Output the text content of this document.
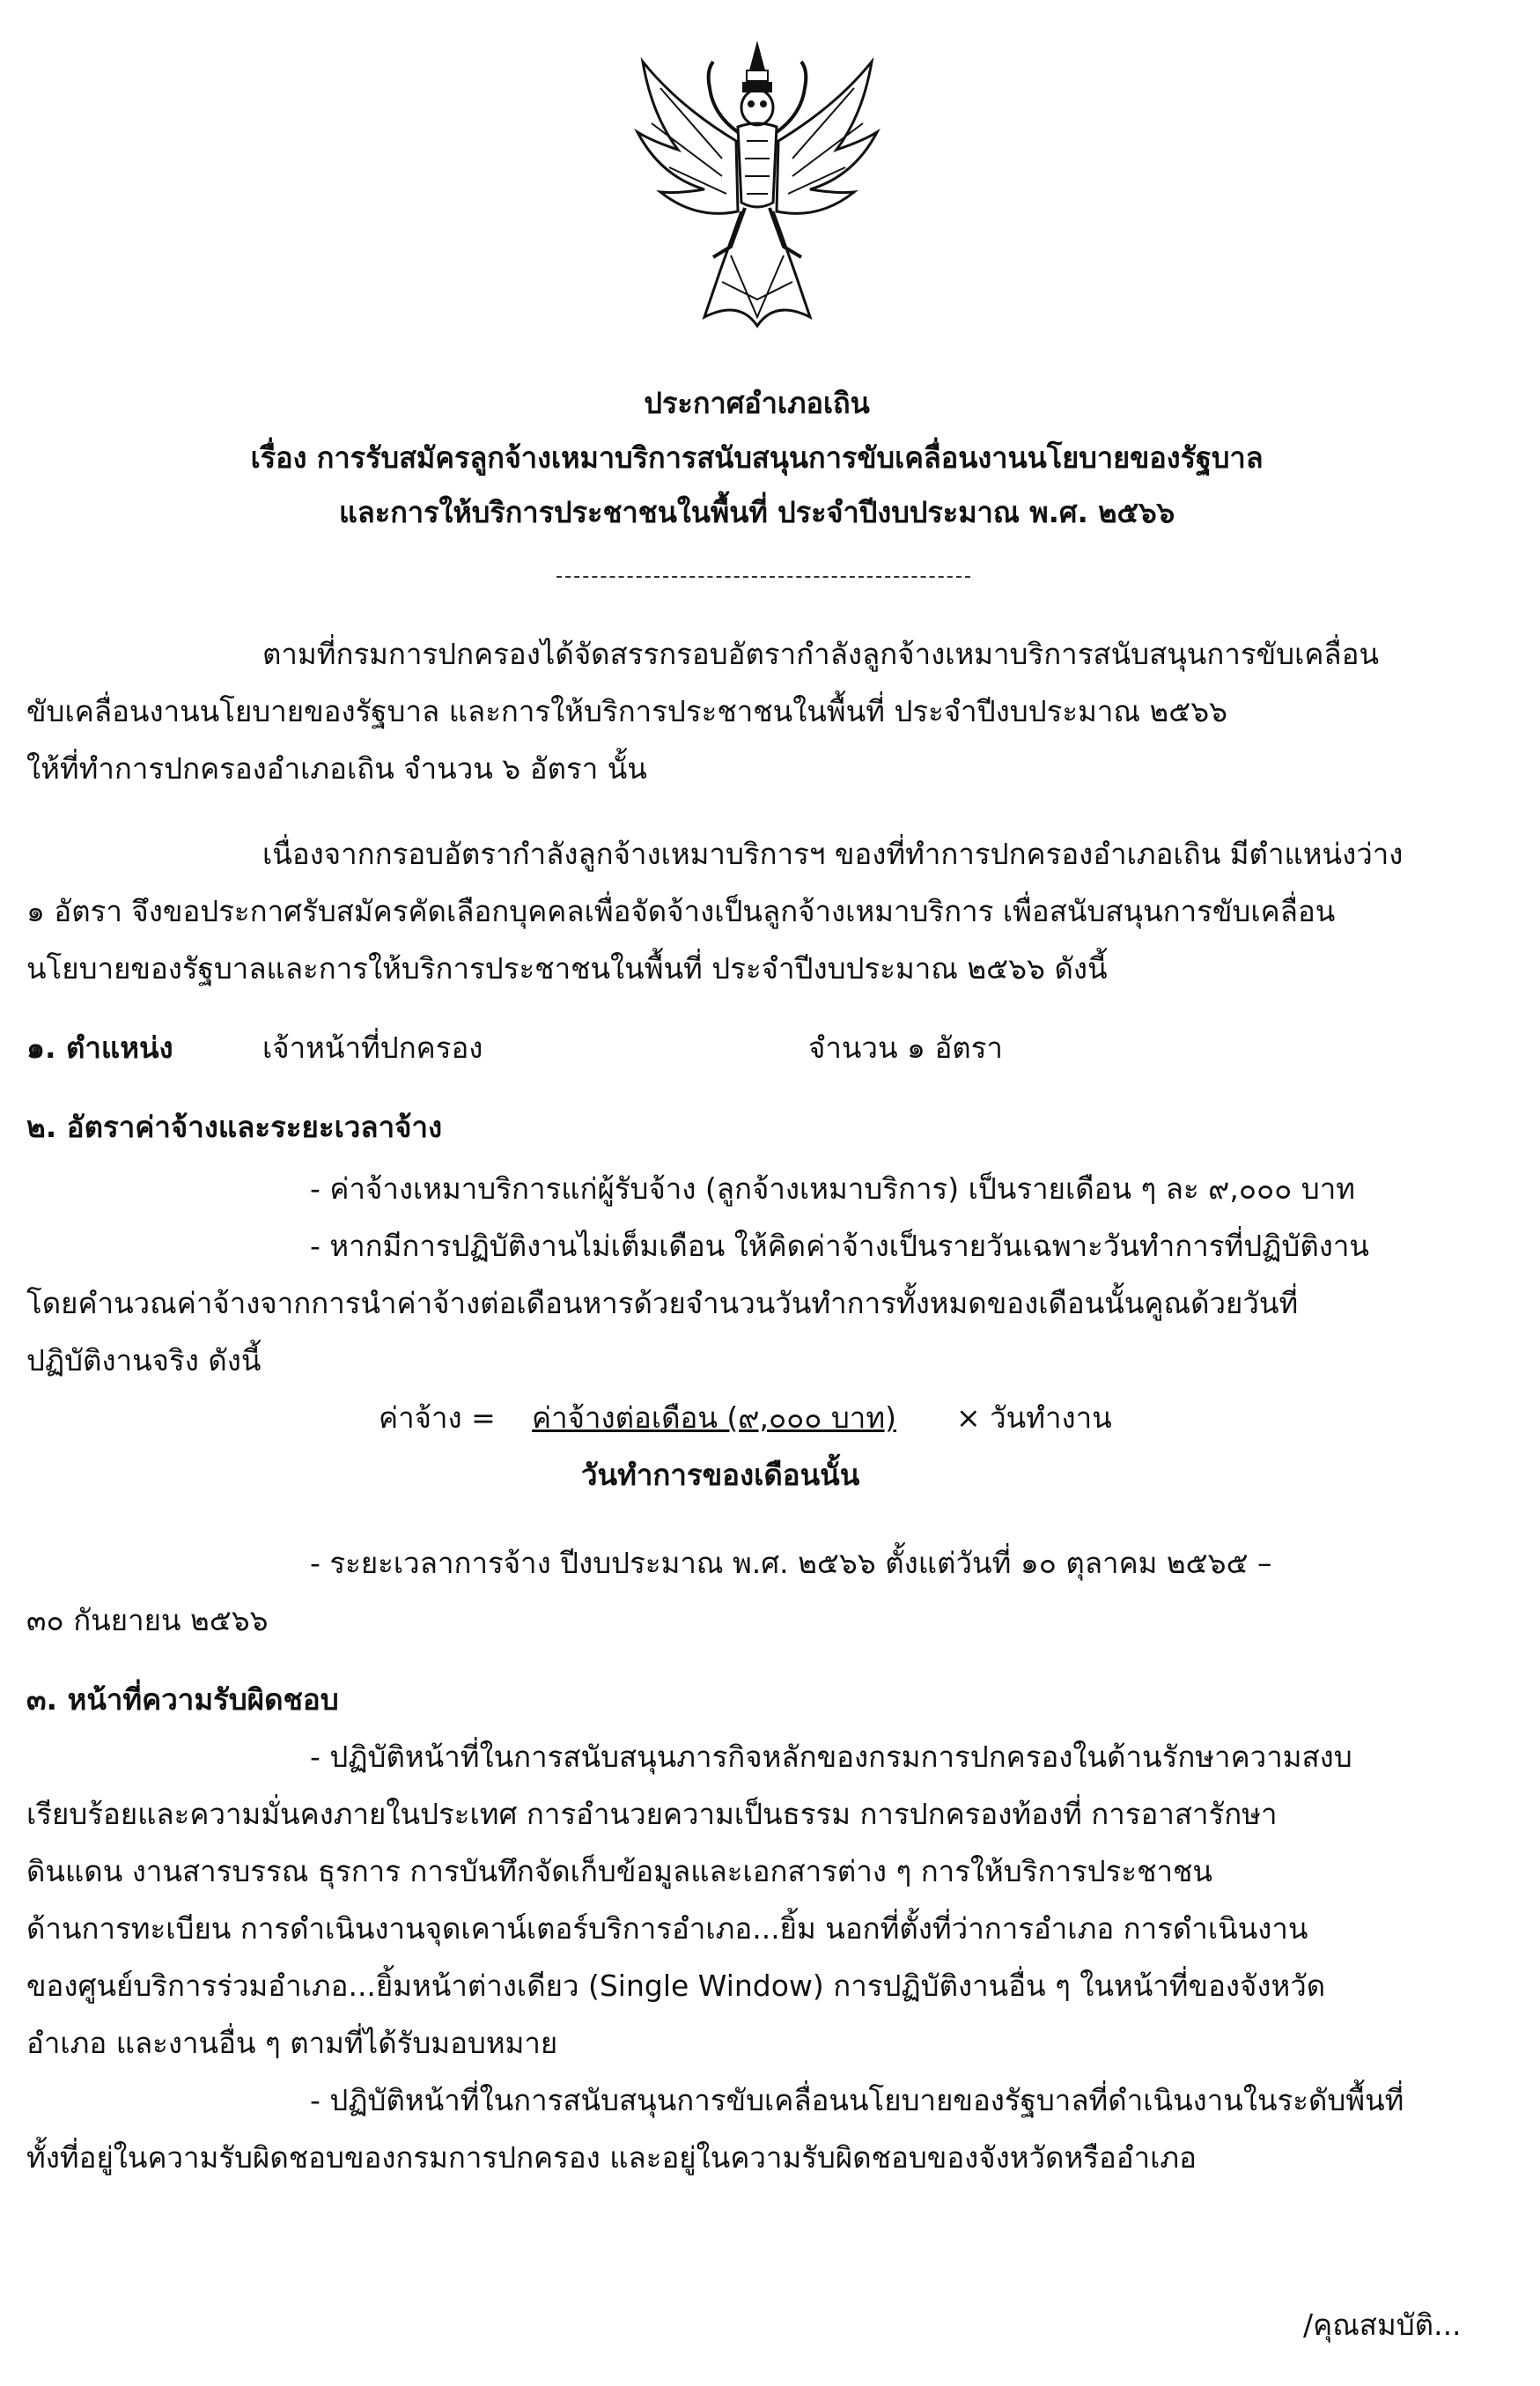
ประกาศอำเภอเถิน
เรื่อง การรับสมัครลูกจ้างเหมาบริการสนับสนุนการขับเคลื่อนงานนโยบายของรัฐบาล
และการให้บริการประชาชนในพื้นที่ ประจำปีงบประมาณ พ.ศ. ๒๕๖๖
ตามที่กรมการปกครองได้จัดสรรกรอบอัตรากำลังลูกจ้างเหมาบริการสนับสนุนการขับเคลื่อน
ขับเคลื่อนงานนโยบายของรัฐบาล และการให้บริการประชาชนในพื้นที่ ประจำปีงบประมาณ ๒๕๖๖
ให้ที่ทำการปกครองอำเภอเถิน จำนวน ๖ อัตรา นั้น
เนื่องจากกรอบอัตรากำลังลูกจ้างเหมาบริการฯ ของที่ทำการปกครองอำเภอเถิน มีตำแหน่งว่าง
๑ อัตรา จึงขอประกาศรับสมัครคัดเลือกบุคคลเพื่อจัดจ้างเป็นลูกจ้างเหมาบริการ เพื่อสนับสนุนการขับเคลื่อน
นโยบายของรัฐบาลและการให้บริการประชาชนในพื้นที่ ประจำปีงบประมาณ ๒๕๖๖ ดังนี้
๑. ตำแหน่ง	เจ้าหน้าที่ปกครอง	จำนวน ๑ อัตรา
๒. อัตราค่าจ้างและระยะเวลาจ้าง
- ค่าจ้างเหมาบริการแก่ผู้รับจ้าง (ลูกจ้างเหมาบริการ) เป็นรายเดือน ๆ ละ ๙,๐๐๐ บาท
- หากมีการปฏิบัติงานไม่เต็มเดือน ให้คิดค่าจ้างเป็นรายวันเฉพาะวันทำการที่ปฏิบัติงาน
โดยคำนวณค่าจ้างจากการนำค่าจ้างต่อเดือนหารด้วยจำนวนวันทำการทั้งหมดของเดือนนั้นคูณด้วยวันที่
ปฏิบัติงานจริง ดังนี้
ค่าจ้าง = ค่าจ้างต่อเดือน (๙,๐๐๐ บาท) × วันทำงาน
วันทำการของเดือนนั้น
- ระยะเวลาการจ้าง ปีงบประมาณ พ.ศ. ๒๕๖๖ ตั้งแต่วันที่ ๑๐ ตุลาคม ๒๕๖๕ –
๓๐ กันยายน ๒๕๖๖
๓. หน้าที่ความรับผิดชอบ
- ปฏิบัติหน้าที่ในการสนับสนุนภารกิจหลักของกรมการปกครองในด้านรักษาความสงบ
เรียบร้อยและความมั่นคงภายในประเทศ การอำนวยความเป็นธรรม การปกครองท้องที่ การอาสารักษา
ดินแดน งานสารบรรณ ธุรการ การบันทึกจัดเก็บข้อมูลและเอกสารต่าง ๆ การให้บริการประชาชน
ด้านการทะเบียน การดำเนินงานจุดเคาน์เตอร์บริการอำเภอ...ยิ้ม นอกที่ตั้งที่ว่าการอำเภอ การดำเนินงาน
ของศูนย์บริการร่วมอำเภอ...ยิ้มหน้าต่างเดียว (Single Window) การปฏิบัติงานอื่น ๆ ในหน้าที่ของจังหวัด
อำเภอ และงานอื่น ๆ ตามที่ได้รับมอบหมาย
- ปฏิบัติหน้าที่ในการสนับสนุนการขับเคลื่อนนโยบายของรัฐบาลที่ดำเนินงานในระดับพื้นที่
ทั้งที่อยู่ในความรับผิดชอบของกรมการปกครอง และอยู่ในความรับผิดชอบของจังหวัดหรืออำเภอ
/คุณสมบัติ...
